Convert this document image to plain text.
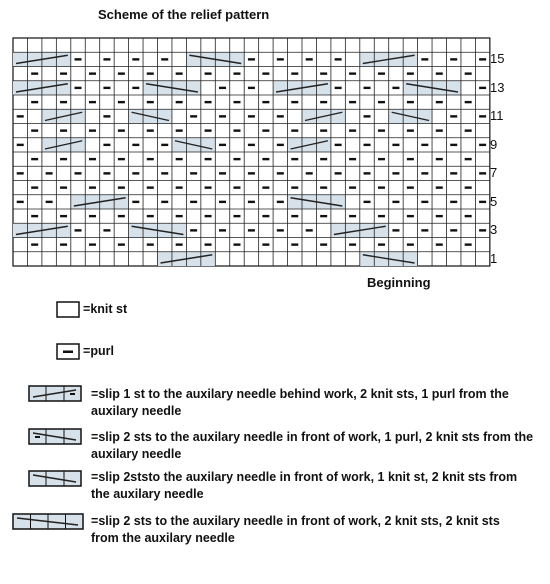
Scheme of the relief pattern
15
13
11
9
7
5
3
1
Beginning
=knit st
=purl
=slip 1 st to the auxilary needle behind work, 2 knit sts, 1 purl from the auxilary needle
=slip 2 sts to the auxilary needle in front of work, 1 purl, 2 knit sts from the auxilary needle
=slip 2ststo the auxilary needle in front of work, 1 knit st, 2 knit sts from the auxilary needle
=slip 2 sts to the auxilary needle in front of work, 2 knit sts, 2 knit sts from the auxilary needle
